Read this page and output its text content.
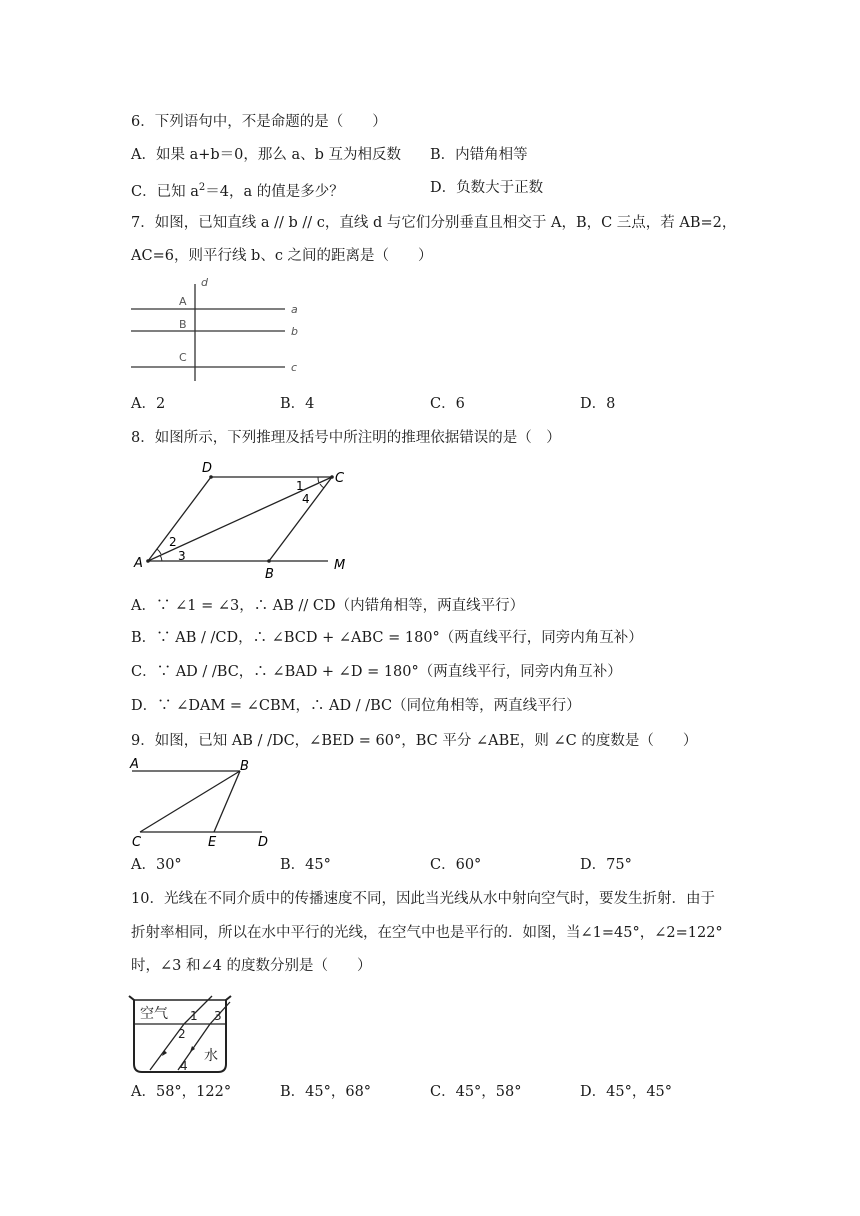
6．下列语句中，不是命题的是（　　）
A．如果 a+b＝0，那么 a、b 互为相反数 B．内错角相等
C．已知 $a^2=4$，a 的值是多少？	D．负数大于正数
7．如图，已知直线 a // b // c，直线 d 与它们分别垂直且相交于 A，B，C 三点，若 AB=2，
AC=6，则平行线 b、c 之间的距离是（　　）
d
A
B
C
a
b
c
A．2	B．4	C．6	D．8
8．如图所示，下列推理及括号中所注明的推理依据错误的是（　）
D
C
A
B
M
1
2
3
4
A．∵ ∠1 = ∠3，∴ AB // CD（内错角相等，两直线平行）
B．∵ AB / /CD，∴ ∠BCD + ∠ABC = 180°（两直线平行，同旁内角互补）
C．∵ AD / /BC，∴ ∠BAD + ∠D = 180°（两直线平行，同旁内角互补）
D．∵ ∠DAM = ∠CBM，∴ AD / /BC（同位角相等，两直线平行）
9．如图，已知 AB / /DC，∠BED = 60°，BC 平分 ∠ABE，则 ∠C 的度数是（　　）
A	B
C	E	D
A．30°	B．45°	C．60°	D．75°
10．光线在不同介质中的传播速度不同，因此当光线从水中射向空气时，要发生折射．由于
折射率相同，所以在水中平行的光线，在空气中也是平行的．如图，当∠1=45°，∠2=122°
时，∠3 和∠4 的度数分别是（　　）
空气
水
1
2
3
4
A．58°，122°	B．45°，68°	C．45°，58°	D．45°，45°
